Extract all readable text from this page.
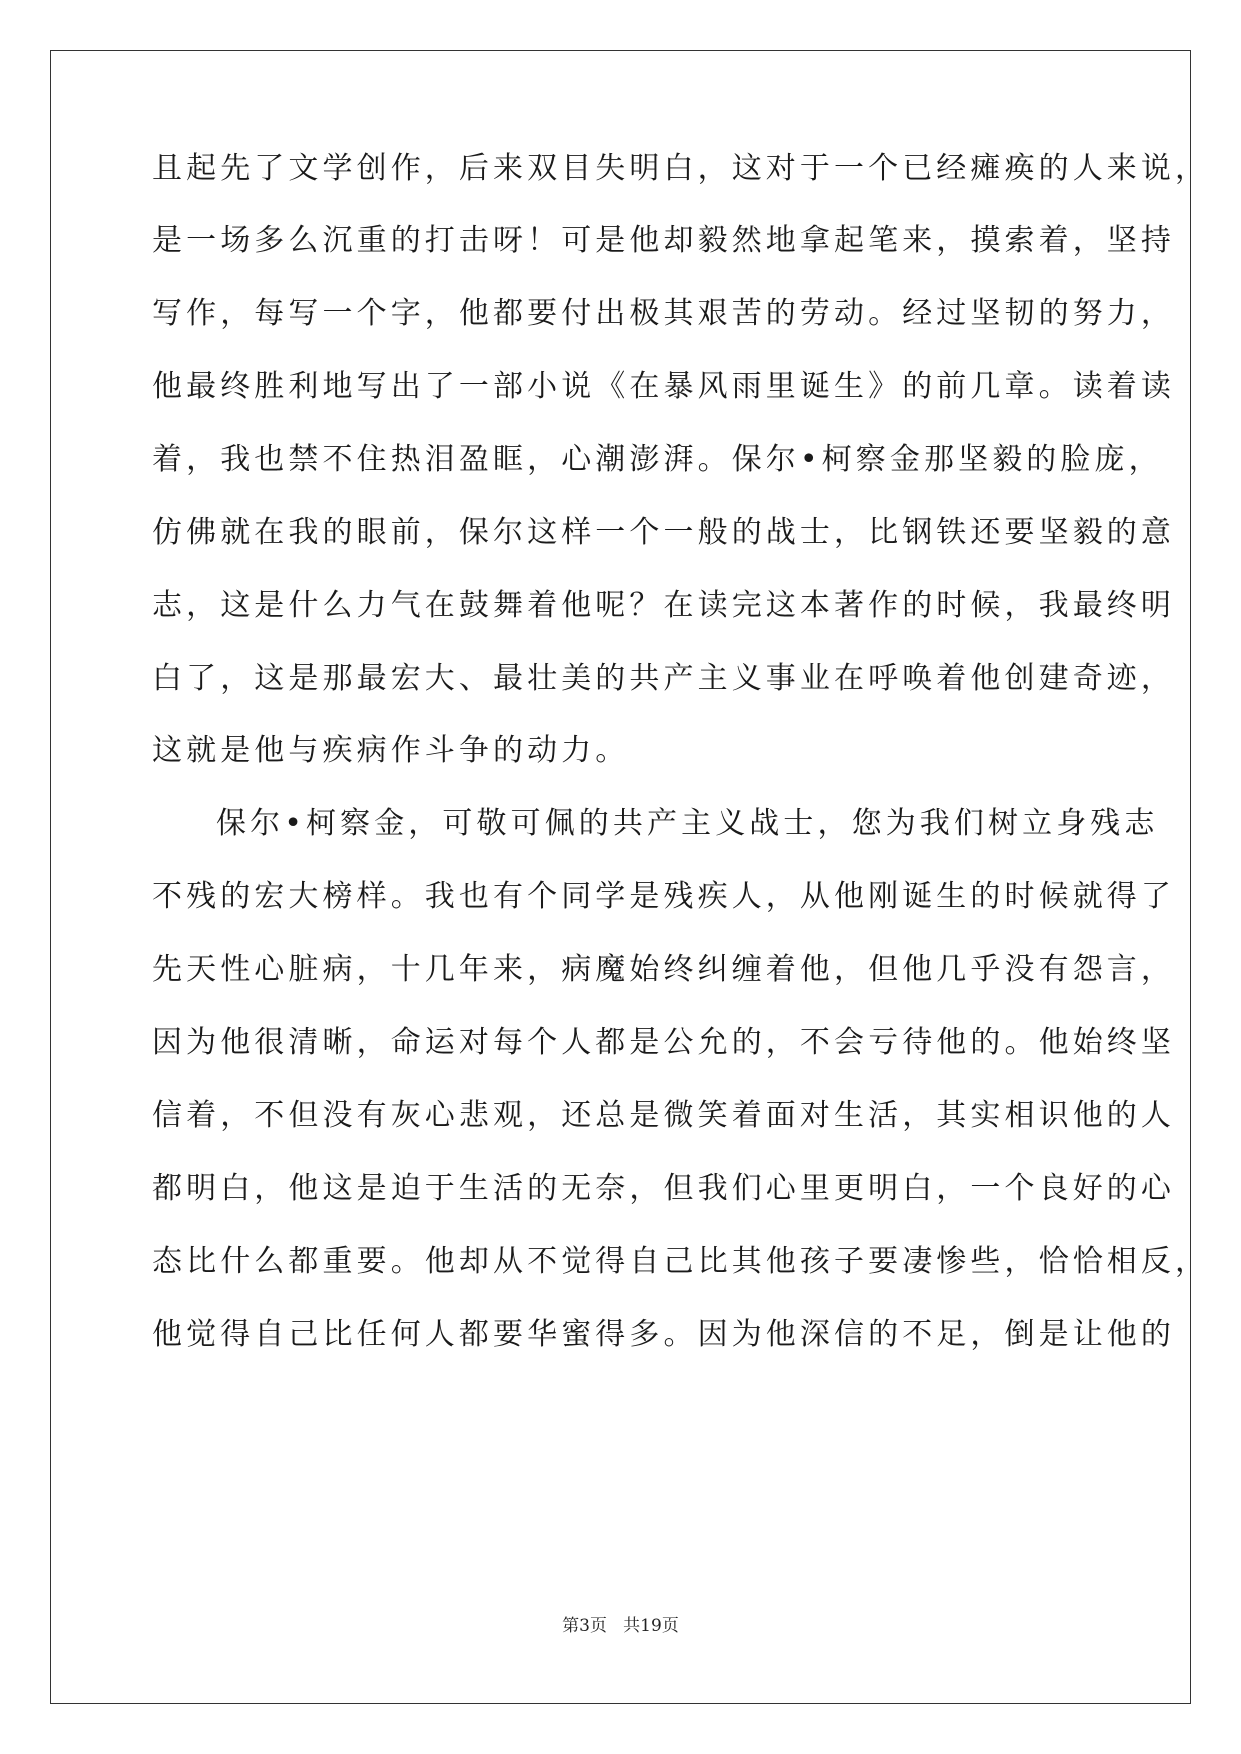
且起先了文学创作，后来双目失明白，这对于一个已经瘫痪的人来说，
是一场多么沉重的打击呀！可是他却毅然地拿起笔来，摸索着，坚持
写作，每写一个字，他都要付出极其艰苦的劳动。经过坚韧的努力，
他最终胜利地写出了一部小说《在暴风雨里诞生》的前几章。读着读
着，我也禁不住热泪盈眶，心潮澎湃。保尔•柯察金那坚毅的脸庞，
仿佛就在我的眼前，保尔这样一个一般的战士，比钢铁还要坚毅的意
志，这是什么力气在鼓舞着他呢？在读完这本著作的时候，我最终明
白了，这是那最宏大、最壮美的共产主义事业在呼唤着他创建奇迹，
这就是他与疾病作斗争的动力。
保尔•柯察金，可敬可佩的共产主义战士，您为我们树立身残志
不残的宏大榜样。我也有个同学是残疾人，从他刚诞生的时候就得了
先天性心脏病，十几年来，病魔始终纠缠着他，但他几乎没有怨言，
因为他很清晰，命运对每个人都是公允的，不会亏待他的。他始终坚
信着，不但没有灰心悲观，还总是微笑着面对生活，其实相识他的人
都明白，他这是迫于生活的无奈，但我们心里更明白，一个良好的心
态比什么都重要。他却从不觉得自己比其他孩子要凄惨些，恰恰相反，
他觉得自己比任何人都要华蜜得多。因为他深信的不足，倒是让他的
第3页   共19页
